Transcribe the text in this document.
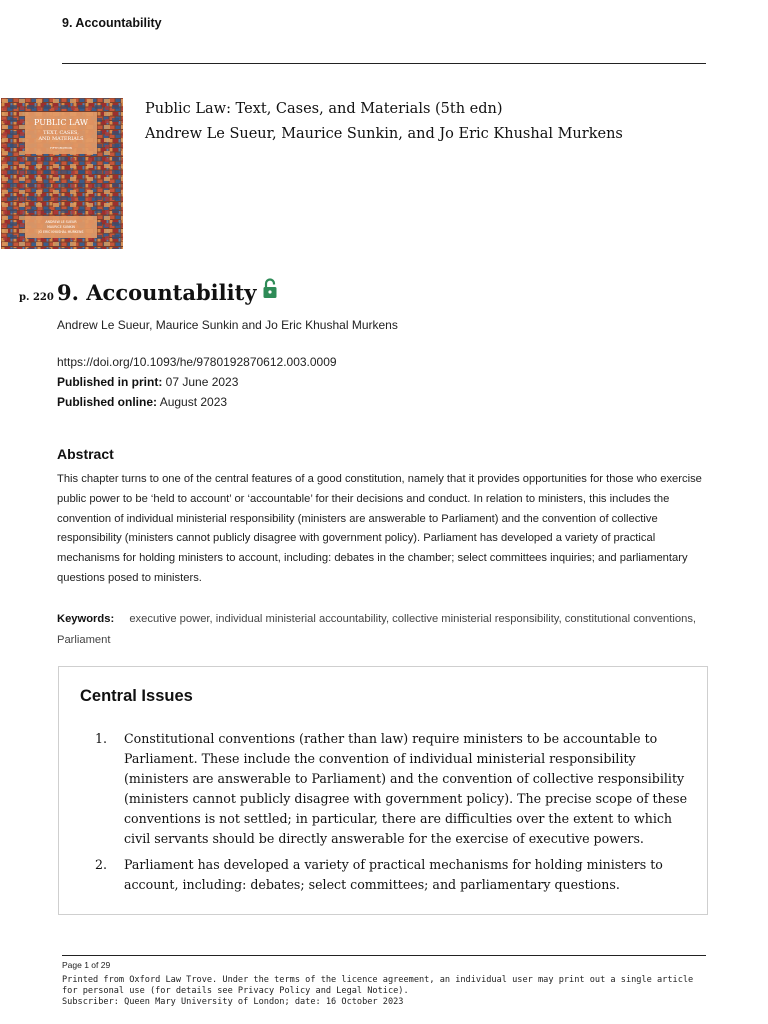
9. Accountability
PUBLIC LAW
TEXT, CASES,
AND MATERIALS
FIFTH EDITION
ANDREW LE SUEUR
MAURICE SUNKIN
JO ERIC KHUSHAL MURKENS
Public Law: Text, Cases, and Materials (5th edn)
Andrew Le Sueur, Maurice Sunkin, and Jo Eric Khushal Murkens
p. 220 9. Accountability
Andrew Le Sueur, Maurice Sunkin and Jo Eric Khushal Murkens
https://doi.org/10.1093/he/9780192870612.003.0009
Published in print: 07 June 2023
Published online: August 2023
Abstract
This chapter turns to one of the central features of a good constitution, namely that it provides opportunities for those who exercise public power to be ‘held to account’ or ‘accountable’ for their decisions and conduct. In relation to ministers, this includes the convention of individual ministerial responsibility (ministers are answerable to Parliament) and the convention of collective responsibility (ministers cannot publicly disagree with government policy). Parliament has developed a variety of practical mechanisms for holding ministers to account, including: debates in the chamber; select committees inquiries; and parliamentary questions posed to ministers.
Keywords: executive power, individual ministerial accountability, collective ministerial responsibility, constitutional conventions, Parliament
Central Issues
1. Constitutional conventions (rather than law) require ministers to be accountable to Parliament. These include the convention of individual ministerial responsibility (ministers are answerable to Parliament) and the convention of collective responsibility (ministers cannot publicly disagree with government policy). The precise scope of these conventions is not settled; in particular, there are difficulties over the extent to which civil servants should be directly answerable for the exercise of executive powers.
2. Parliament has developed a variety of practical mechanisms for holding ministers to account, including: debates; select committees; and parliamentary questions.
Page 1 of 29
Printed from Oxford Law Trove. Under the terms of the licence agreement, an individual user may print out a single article for personal use (for details see Privacy Policy and Legal Notice).
Subscriber: Queen Mary University of London; date: 16 October 2023
